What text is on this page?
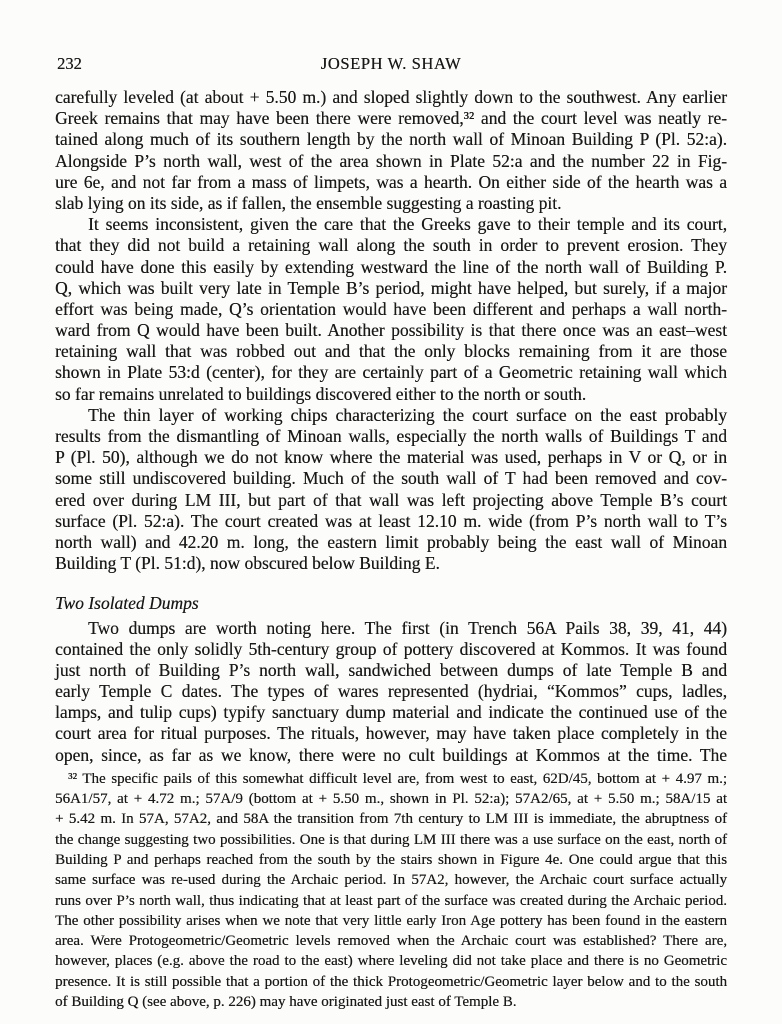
232	JOSEPH W. SHAW
carefully leveled (at about + 5.50 m.) and sloped slightly down to the southwest. Any earlier
Greek remains that may have been there were removed,³² and the court level was neatly re-
tained along much of its southern length by the north wall of Minoan Building P (Pl. 52:a).
Alongside P’s north wall, west of the area shown in Plate 52:a and the number 22 in Fig-
ure 6e, and not far from a mass of limpets, was a hearth. On either side of the hearth was a
slab lying on its side, as if fallen, the ensemble suggesting a roasting pit.
It seems inconsistent, given the care that the Greeks gave to their temple and its court,
that they did not build a retaining wall along the south in order to prevent erosion. They
could have done this easily by extending westward the line of the north wall of Building P.
Q, which was built very late in Temple B’s period, might have helped, but surely, if a major
effort was being made, Q’s orientation would have been different and perhaps a wall north-
ward from Q would have been built. Another possibility is that there once was an east–west
retaining wall that was robbed out and that the only blocks remaining from it are those
shown in Plate 53:d (center), for they are certainly part of a Geometric retaining wall which
so far remains unrelated to buildings discovered either to the north or south.
The thin layer of working chips characterizing the court surface on the east probably
results from the dismantling of Minoan walls, especially the north walls of Buildings T and
P (Pl. 50), although we do not know where the material was used, perhaps in V or Q, or in
some still undiscovered building. Much of the south wall of T had been removed and cov-
ered over during LM III, but part of that wall was left projecting above Temple B’s court
surface (Pl. 52:a). The court created was at least 12.10 m. wide (from P’s north wall to T’s
north wall) and 42.20 m. long, the eastern limit probably being the east wall of Minoan
Building T (Pl. 51:d), now obscured below Building E.
Two Isolated Dumps
Two dumps are worth noting here. The first (in Trench 56A Pails 38, 39, 41, 44)
contained the only solidly 5th-century group of pottery discovered at Kommos. It was found
just north of Building P’s north wall, sandwiched between dumps of late Temple B and
early Temple C dates. The types of wares represented (hydriai, “Kommos” cups, ladles,
lamps, and tulip cups) typify sanctuary dump material and indicate the continued use of the
court area for ritual purposes. The rituals, however, may have taken place completely in the
open, since, as far as we know, there were no cult buildings at Kommos at the time. The
³² The specific pails of this somewhat difficult level are, from west to east, 62D/45, bottom at + 4.97 m.;
56A1/57, at + 4.72 m.; 57A/9 (bottom at + 5.50 m., shown in Pl. 52:a); 57A2/65, at + 5.50 m.; 58A/15 at
+ 5.42 m. In 57A, 57A2, and 58A the transition from 7th century to LM III is immediate, the abruptness of
the change suggesting two possibilities. One is that during LM III there was a use surface on the east, north of
Building P and perhaps reached from the south by the stairs shown in Figure 4e. One could argue that this
same surface was re-used during the Archaic period. In 57A2, however, the Archaic court surface actually
runs over P’s north wall, thus indicating that at least part of the surface was created during the Archaic period.
The other possibility arises when we note that very little early Iron Age pottery has been found in the eastern
area. Were Protogeometric/Geometric levels removed when the Archaic court was established? There are,
however, places (e.g. above the road to the east) where leveling did not take place and there is no Geometric
presence. It is still possible that a portion of the thick Protogeometric/Geometric layer below and to the south
of Building Q (see above, p. 226) may have originated just east of Temple B.
